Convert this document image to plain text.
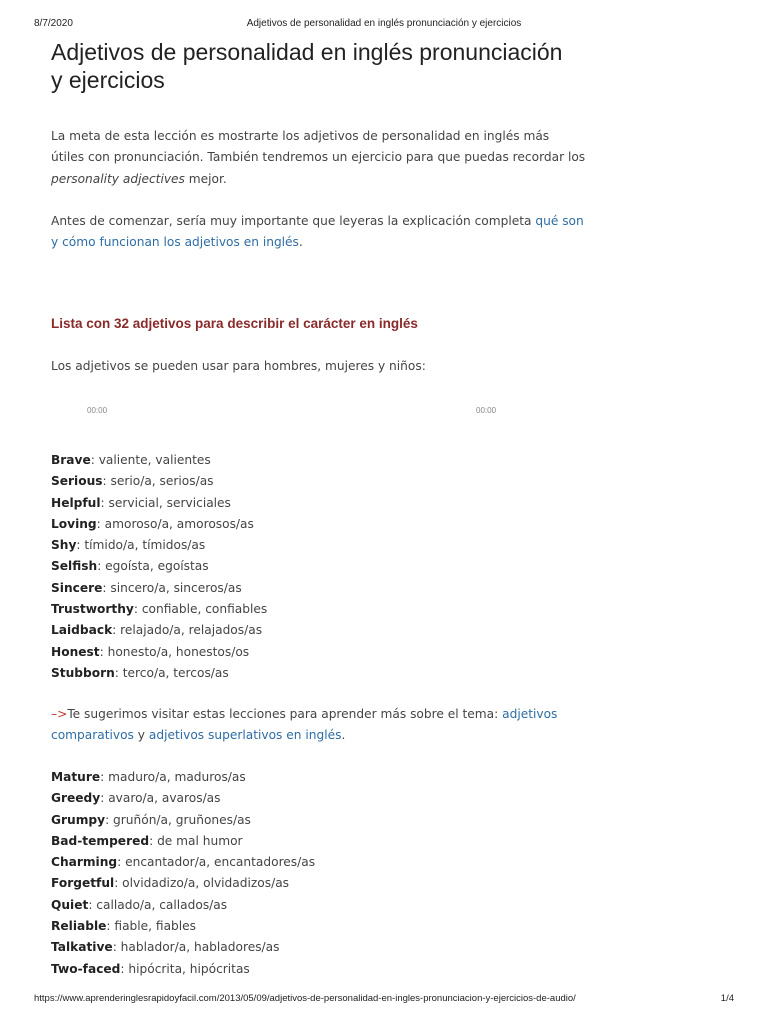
8/7/2020	Adjetivos de personalidad en inglés pronunciación y ejercicios
Adjetivos de personalidad en inglés pronunciación y ejercicios

La meta de esta lección es mostrarte los adjetivos de personalidad en inglés más útiles con pronunciación. También tendremos un ejercicio para que puedas recordar los personality adjectives mejor.

Antes de comenzar, sería muy importante que leyeras la explicación completa qué son y cómo funcionan los adjetivos en inglés.

Lista con 32 adjetivos para describir el carácter en inglés

Los adjetivos se pueden usar para hombres, mujeres y niños:

00:00	00:00
Brave: valiente, valientes
Serious: serio/a, serios/as
Helpful: servicial, serviciales
Loving: amoroso/a, amorosos/as
Shy: tímido/a, tímidos/as
Selfish: egoísta, egoístas
Sincere: sincero/a, sinceros/as
Trustworthy: confiable, confiables
Laidback: relajado/a, relajados/as
Honest: honesto/a, honestos/os
Stubborn: terco/a, tercos/as

–>Te sugerimos visitar estas lecciones para aprender más sobre el tema: adjetivos comparativos y adjetivos superlativos en inglés.

Mature: maduro/a, maduros/as
Greedy: avaro/a, avaros/as
Grumpy: gruñón/a, gruñones/as
Bad-tempered: de mal humor
Charming: encantador/a, encantadores/as
Forgetful: olvidadizo/a, olvidadizos/as
Quiet: callado/a, callados/as
Reliable: fiable, fiables
Talkative: hablador/a, habladores/as
Two-faced: hipócrita, hipócritas
https://www.aprenderinglesrapidoyfacil.com/2013/05/09/adjetivos-de-personalidad-en-ingles-pronunciacion-y-ejercicios-de-audio/	1/4
